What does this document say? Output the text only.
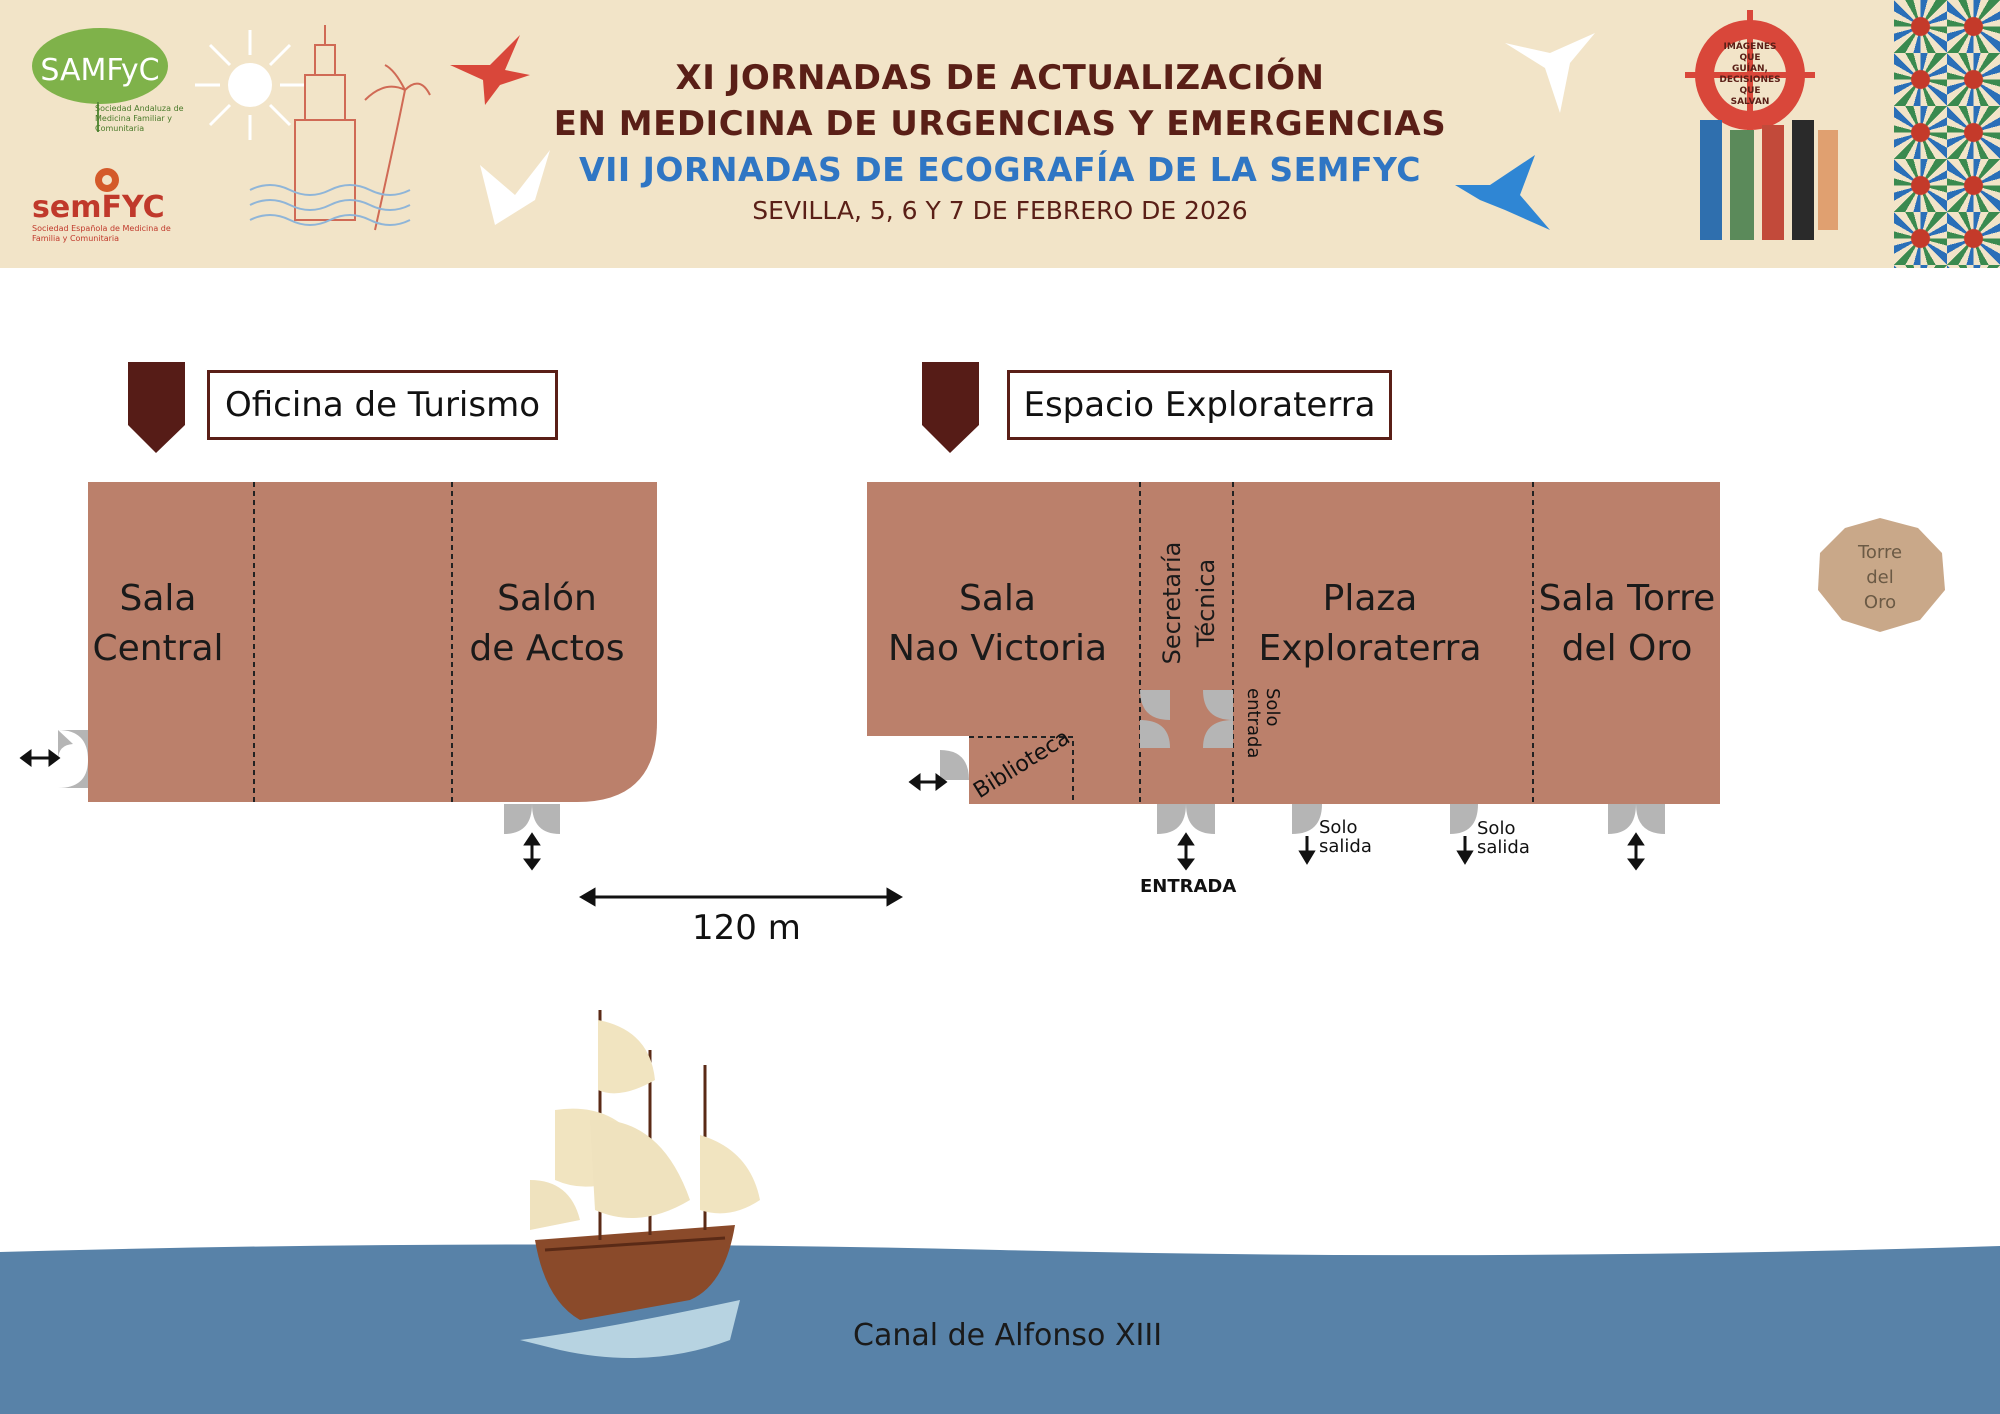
SAMFyC
Sociedad Andaluza de Medicina Familiar y Comunitaria
semFYC
Sociedad Española de Medicina de Familia y Comunitaria
XI JORNADAS DE ACTUALIZACIÓN
EN MEDICINA DE URGENCIAS Y EMERGENCIAS
VII JORNADAS DE ECOGRAFÍA DE LA SEMFYC
SEVILLA, 5, 6 Y 7 DE FEBRERO DE 2026
IMÁGENES
QUE
GUÍAN,
DECISIONES
QUE
SALVAN
Oficina de Turismo	Espacio Exploraterra
Sala
Central
Salón
de Actos
Sala
Nao Victoria
Plaza
Exploraterra
Sala Torre
del Oro
Secretaría Técnica
Biblioteca
Solo
entrada
Solo
salida
Solo
salida
ENTRADA
120 m
Torre
del
Oro
Canal de Alfonso XIII
